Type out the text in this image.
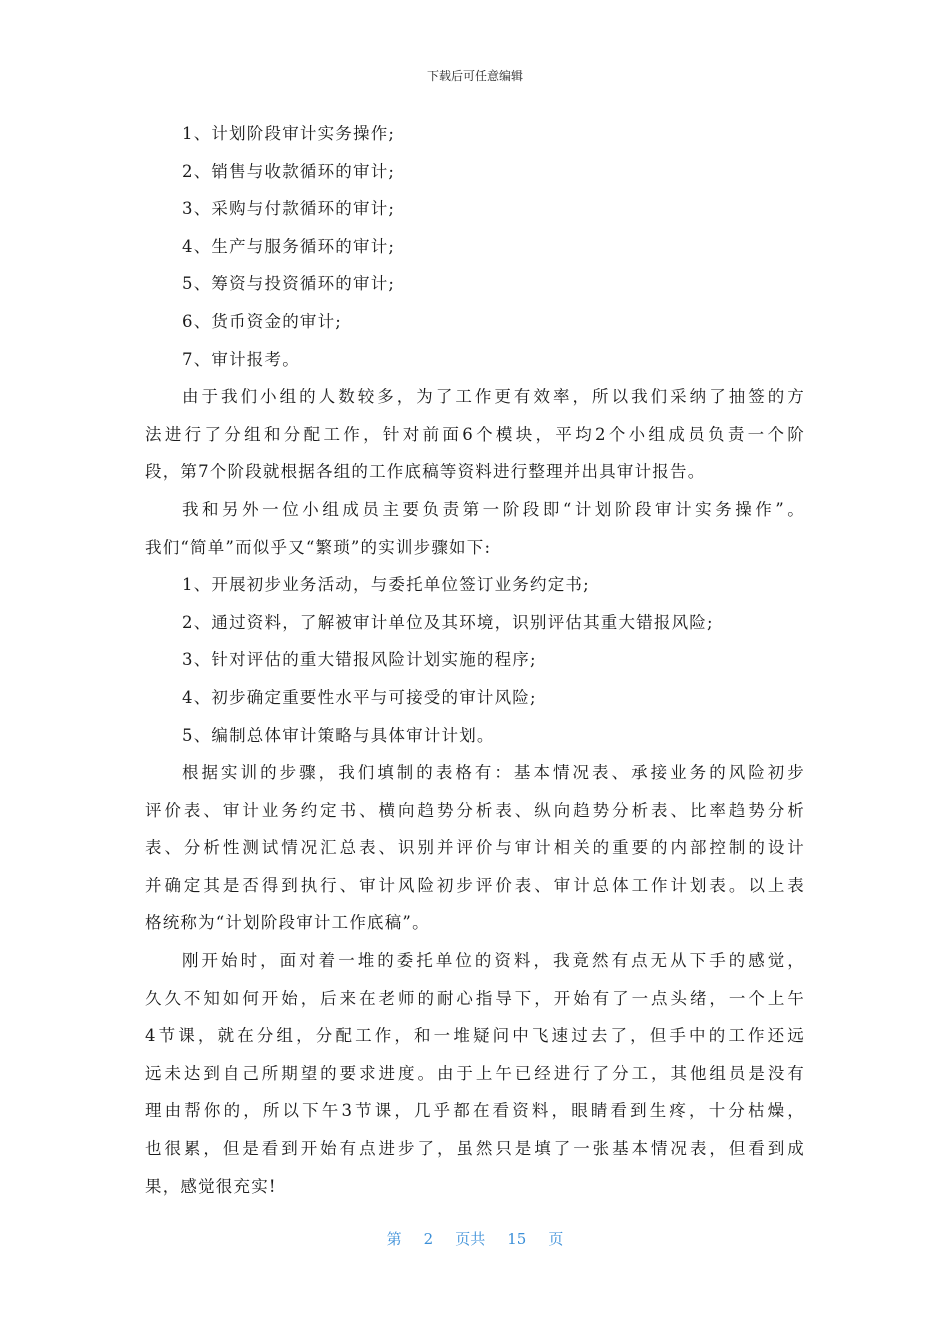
下载后可任意编辑
1、计划阶段审计实务操作;
2、销售与收款循环的审计;
3、采购与付款循环的审计;
4、生产与服务循环的审计;
5、筹资与投资循环的审计;
6、货币资金的审计;
7、审计报考。
由于我们小组的人数较多，为了工作更有效率，所以我们采纳了抽签的方
法进行了分组和分配工作，针对前面6个模块，平均2个小组成员负责一个阶
段，第7个阶段就根据各组的工作底稿等资料进行整理并出具审计报告。
我和另外一位小组成员主要负责第一阶段即“计划阶段审计实务操作”。
我们“简单”而似乎又“繁琐”的实训步骤如下:
1、开展初步业务活动，与委托单位签订业务约定书;
2、通过资料，了解被审计单位及其环境，识别评估其重大错报风险;
3、针对评估的重大错报风险计划实施的程序;
4、初步确定重要性水平与可接受的审计风险;
5、编制总体审计策略与具体审计计划。
根据实训的步骤，我们填制的表格有：基本情况表、承接业务的风险初步
评价表、审计业务约定书、横向趋势分析表、纵向趋势分析表、比率趋势分析
表、分析性测试情况汇总表、识别并评价与审计相关的重要的内部控制的设计
并确定其是否得到执行、审计风险初步评价表、审计总体工作计划表。以上表
格统称为“计划阶段审计工作底稿”。
刚开始时，面对着一堆的委托单位的资料，我竟然有点无从下手的感觉，
久久不知如何开始，后来在老师的耐心指导下，开始有了一点头绪，一个上午
4节课，就在分组，分配工作，和一堆疑问中飞速过去了，但手中的工作还远
远未达到自己所期望的要求进度。由于上午已经进行了分工，其他组员是没有
理由帮你的，所以下午3节课，几乎都在看资料，眼睛看到生疼，十分枯燥，
也很累，但是看到开始有点进步了，虽然只是填了一张基本情况表，但看到成
果，感觉很充实!
第 2 页共 15 页
